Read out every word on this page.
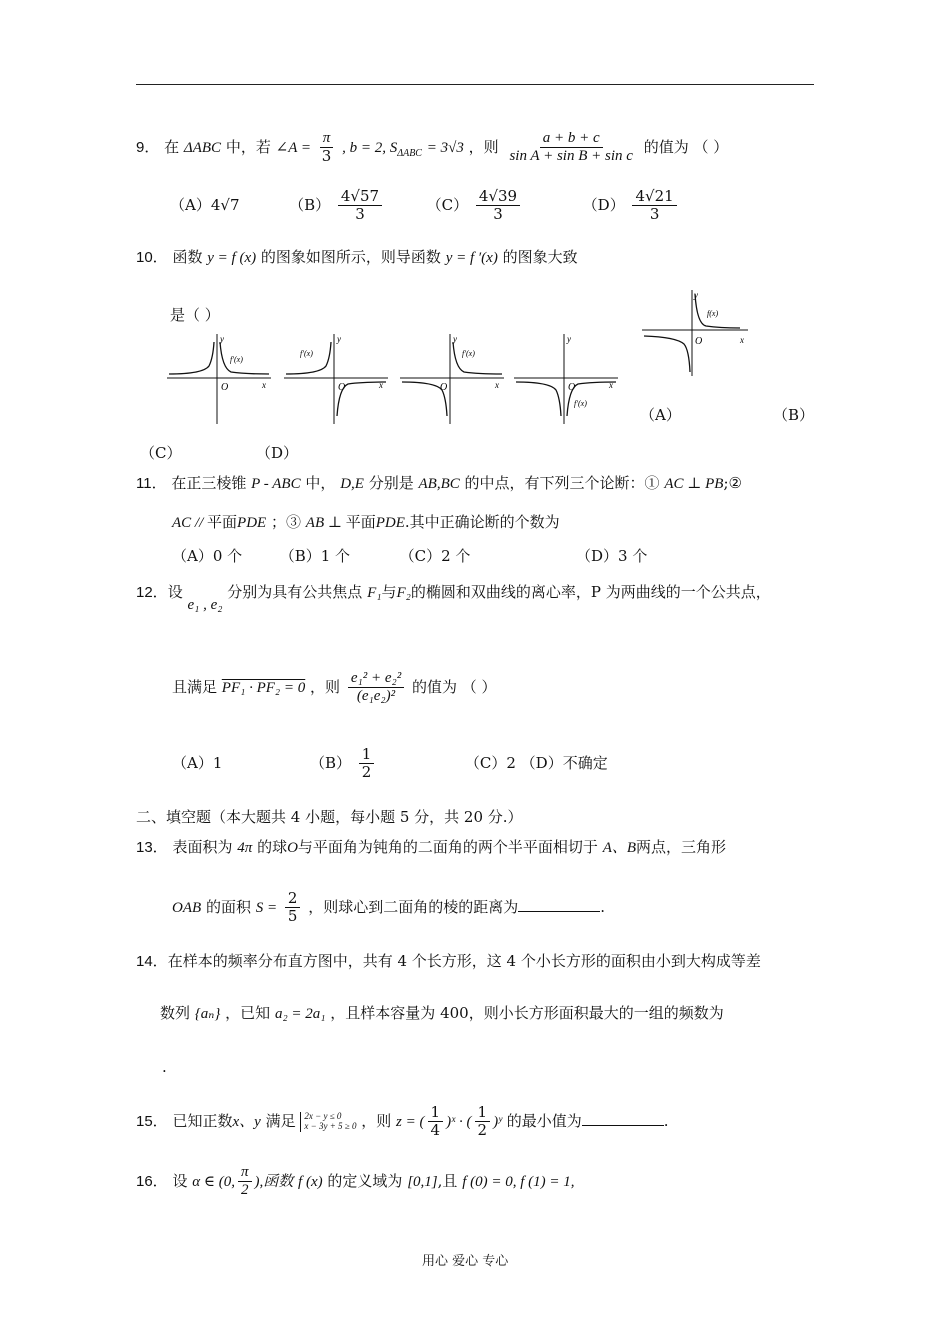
9． 在 ΔABC 中，若 ∠A = $\frac{\pi}{3}$ , b = 2, $S_{\Delta ABC} = 3√3$ ，则 $\frac{a + b + c}{\text{sin A + sin B + sin c}}$ 的值为 （ ）
（A）4√7	$(B) \frac{4√57}{3}$	$(C) \frac{4√39}{3}$	$(D) \frac{4√21}{3}$
10． 函数 y = f (x) 的图象如图所示，则导函数 y = f ′(x) 的图象大致
是（ ）
y
x
O
f(x)
y
x
O
f′(x)
y
x
O
f′(x)
y
x
O
f′(x)
y
x
O
f′(x)
（A）	（B）
（C）	（D）
11． 在正三棱锥 P - ABC 中， D,E 分别是 AB,BC 的中点，有下列三个论断：① AC ⊥ PB;②
AC // 平面PDE ；③ AB ⊥ 平面PDE.其中正确论断的个数为
（A）0 个	（B）1 个	（C）2 个	（D）3 个
12．设 e₁ , e₂ 分别为具有公共焦点 F₁与F₂的椭圆和双曲线的离心率，P 为两曲线的一个公共点，
且满足 PF₁ · PF₂ = 0 ，则 $\frac{\text{e₁² + e₂²}}{\text{(e₁e₂)²}}$ 的值为 （ ）
（A）1	$(B) \frac{1}{2}$	（C）2 （D）不确定
二、填空题（本大题共 4 小题，每小题 5 分，共 20 分.）
13． 表面积为 4π 的球O与平面角为钝角的二面角的两个半平面相切于 A、B两点，三角形
OAB 的面积 $S = \frac{2}{5}$ ，则球心到二面角的棱的距离为	.
14．在样本的频率分布直方图中，共有 4 个长方形，这 4 个小长方形的面积由小到大构成等差
数列 {aₙ} ，已知 a₂ = 2a₁ ，且样本容量为 400，则小长方形面积最大的一组的频数为
.
15． 已知正数x、y 满足 2x − y ≤ 0
x − 3y + 5 ≥ 0 ，则 z = ( $\frac{1}{4}$ )ˣ · ( $\frac{1}{2}$ )ʸ 的最小值为	.
16． 设 α ∈ (0, $\frac{\pi}{2}$ ),函数 f (x) 的定义域为 [0,1],且 f (0) = 0, f (1) = 1,
用心 爱心 专心
